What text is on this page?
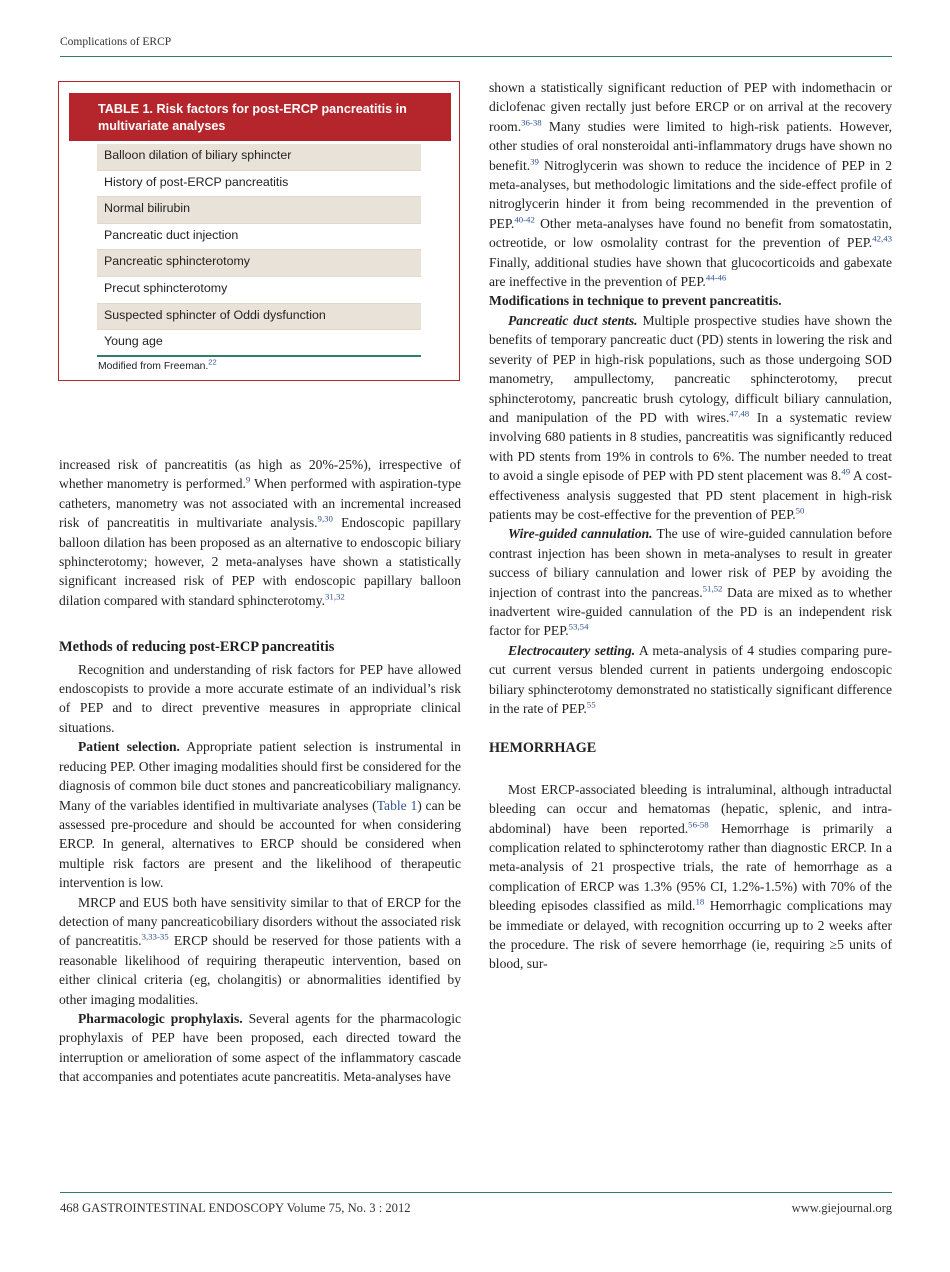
Complications of ERCP
TABLE 1. Risk factors for post-ERCP pancreatitis in
multivariate analyses
Balloon dilation of biliary sphincter
History of post-ERCP pancreatitis
Normal bilirubin
Pancreatic duct injection
Pancreatic sphincterotomy
Precut sphincterotomy
Suspected sphincter of Oddi dysfunction
Young age
Modified from Freeman.$^{22}$

increased risk of pancreatitis (as high as 20%-25%), irrespective of whether manometry is performed.$^9$ When performed with aspiration-type catheters, manometry was not associated with an incremental increased risk of pancreatitis in multivariate analysis.$^{9,30}$ Endoscopic papillary balloon dilation has been proposed as an alternative to endoscopic biliary sphincterotomy; however, 2 meta-analyses have shown a statistically significant increased risk of PEP with endoscopic papillary balloon dilation compared with standard sphincterotomy.$^{31,32}$

Methods of reducing post-ERCP pancreatitis

Recognition and understanding of risk factors for PEP have allowed endoscopists to provide a more accurate estimate of an individual’s risk of PEP and to direct preventive measures in appropriate clinical situations.

Patient selection. Appropriate patient selection is instrumental in reducing PEP. Other imaging modalities should first be considered for the diagnosis of common bile duct stones and pancreaticobiliary malignancy. Many of the variables identified in multivariate analyses (Table 1) can be assessed pre-procedure and should be accounted for when considering ERCP. In general, alternatives to ERCP should be considered when multiple risk factors are present and the likelihood of therapeutic intervention is low.

MRCP and EUS both have sensitivity similar to that of ERCP for the detection of many pancreaticobiliary disorders without the associated risk of pancreatitis.$^{3,33-35}$ ERCP should be reserved for those patients with a reasonable likelihood of requiring therapeutic intervention, based on either clinical criteria (eg, cholangitis) or abnormalities identified by other imaging modalities.

Pharmacologic prophylaxis. Several agents for the pharmacologic prophylaxis of PEP have been proposed, each directed toward the interruption or amelioration of some aspect of the inflammatory cascade that accompanies and potentiates acute pancreatitis. Meta-analyses have

shown a statistically significant reduction of PEP with indomethacin or diclofenac given rectally just before ERCP or on arrival at the recovery room.$^{36-38}$ Many studies were limited to high-risk patients. However, other studies of oral nonsteroidal anti-inflammatory drugs have shown no benefit.$^{39}$ Nitroglycerin was shown to reduce the incidence of PEP in 2 meta-analyses, but methodologic limitations and the side-effect profile of nitroglycerin hinder it from being recommended in the prevention of PEP.$^{40-42}$ Other meta-analyses have found no benefit from somatostatin, octreotide, or low osmolality contrast for the prevention of PEP.$^{42,43}$ Finally, additional studies have shown that glucocorticoids and gabexate are ineffective in the prevention of PEP.$^{44-46}$

Modifications in technique to prevent pancreatitis.

Pancreatic duct stents. Multiple prospective studies have shown the benefits of temporary pancreatic duct (PD) stents in lowering the risk and severity of PEP in high-risk populations, such as those undergoing SOD manometry, ampullectomy, pancreatic sphincterotomy, precut sphincterotomy, pancreatic brush cytology, difficult biliary cannulation, and manipulation of the PD with wires.$^{47,48}$ In a systematic review involving 680 patients in 8 studies, pancreatitis was significantly reduced with PD stents from 19% in controls to 6%. The number needed to treat to avoid a single episode of PEP with PD stent placement was 8.49 A cost-effectiveness analysis suggested that PD stent placement in high-risk patients may be cost-effective for the prevention of PEP.$^{50}$

Wire-guided cannulation. The use of wire-guided cannulation before contrast injection has been shown in meta-analyses to result in greater success of biliary cannulation and lower risk of PEP by avoiding the injection of contrast into the pancreas.$^{51,52}$ Data are mixed as to whether inadvertent wire-guided cannulation of the PD is an independent risk factor for PEP.$^{53,54}$

Electrocautery setting. A meta-analysis of 4 studies comparing pure-cut current versus blended current in patients undergoing endoscopic biliary sphincterotomy demonstrated no statistically significant difference in the rate of PEP.$^{55}$

HEMORRHAGE

Most ERCP-associated bleeding is intraluminal, although intraductal bleeding can occur and hematomas (hepatic, splenic, and intra-abdominal) have been reported.$^{56-58}$ Hemorrhage is primarily a complication related to sphincterotomy rather than diagnostic ERCP. In a meta-analysis of 21 prospective trials, the rate of hemorrhage as a complication of ERCP was 1.3% (95% CI, 1.2%-1.5%) with 70% of the bleeding episodes classified as mild.$^{18}$ Hemorrhagic complications may be immediate or delayed, with recognition occurring up to 2 weeks after the procedure. The risk of severe hemorrhage (ie, requiring ≥5 units of blood, sur-

468 GASTROINTESTINAL ENDOSCOPY Volume 75, No. 3 : 2012	www.giejournal.org
